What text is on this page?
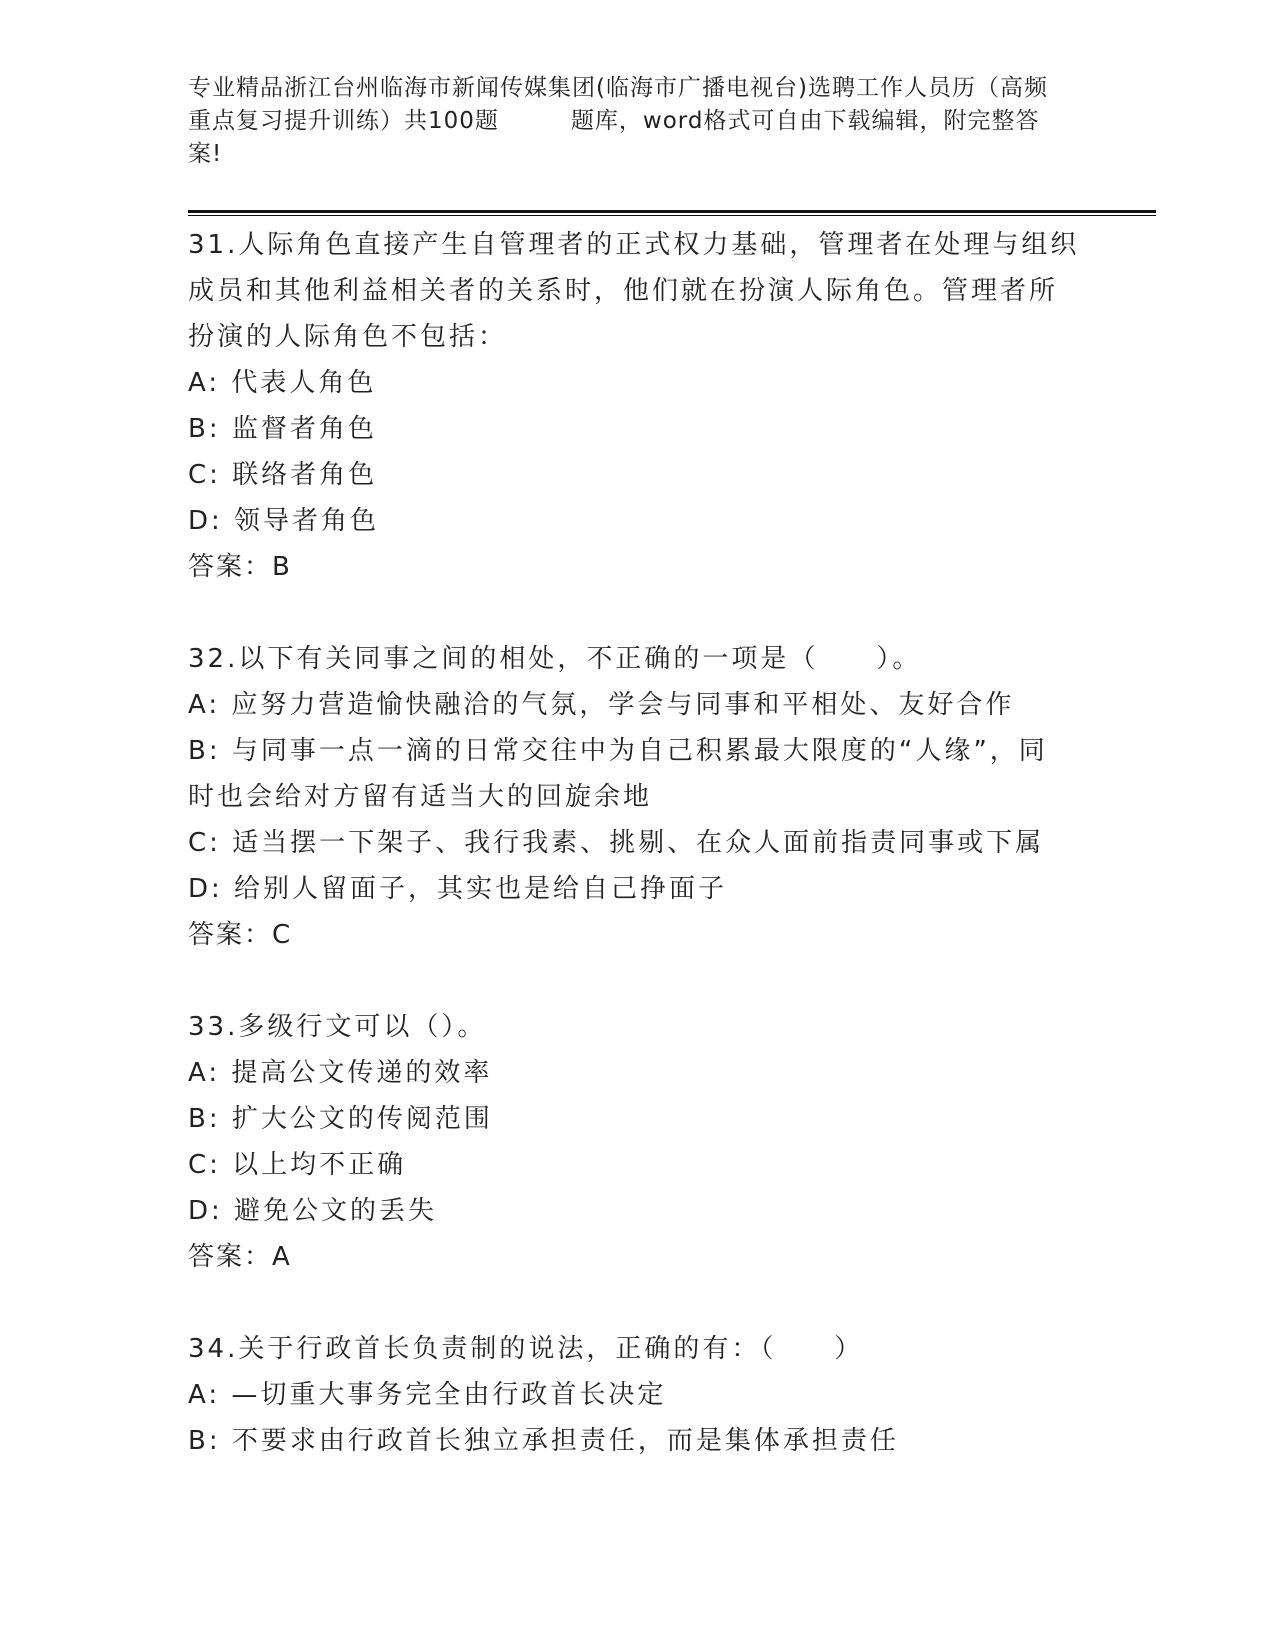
专业精品浙江台州临海市新闻传媒集团(临海市广播电视台)选聘工作人员历（高频
重点复习提升训练）共100题	题库，word格式可自由下载编辑，附完整答
案!

31.人际角色直接产生自管理者的正式权力基础，管理者在处理与组织

成员和其他利益相关者的关系时，他们就在扮演人际角色。管理者所

扮演的人际角色不包括：

A: 代表人角色

B: 监督者角色

C: 联络者角色

D: 领导者角色

答案：B

32.以下有关同事之间的相处，不正确的一项是（　　）。

A: 应努力营造愉快融洽的气氛，学会与同事和平相处、友好合作

B: 与同事一点一滴的日常交往中为自己积累最大限度的“人缘”，同

时也会给对方留有适当大的回旋余地

C: 适当摆一下架子、我行我素、挑剔、在众人面前指责同事或下属

D: 给别人留面子，其实也是给自己挣面子

答案：C

33.多级行文可以（）。

A: 提高公文传递的效率

B: 扩大公文的传阅范围

C: 以上均不正确

D: 避免公文的丢失

答案：A

34.关于行政首长负责制的说法，正确的有：（　　）

A: —切重大事务完全由行政首长决定

B: 不要求由行政首长独立承担责任，而是集体承担责任
